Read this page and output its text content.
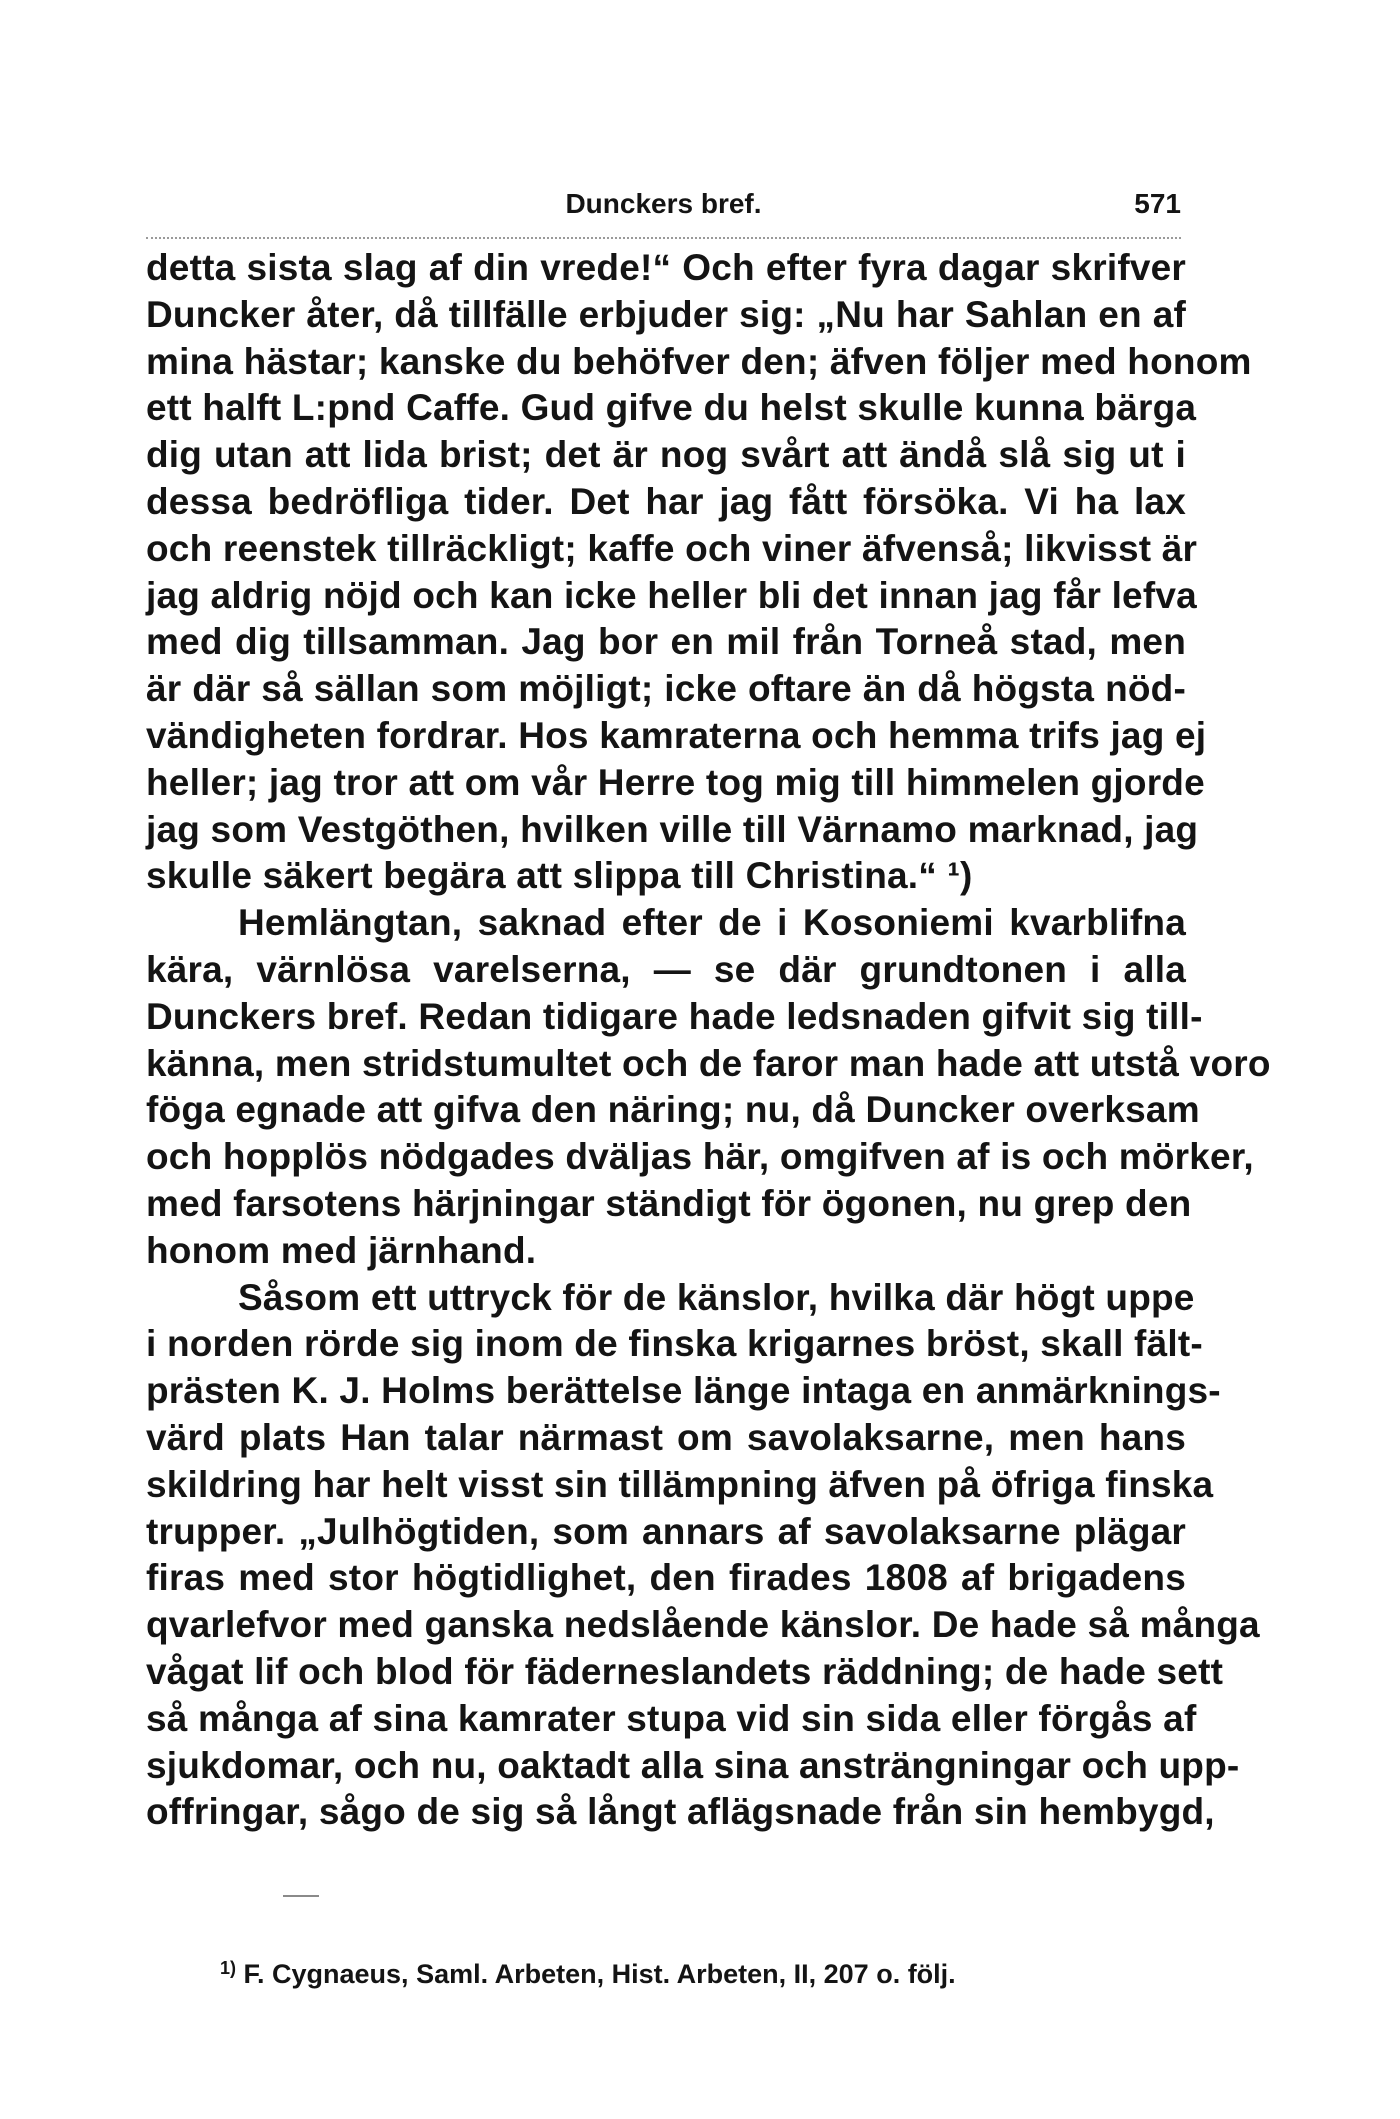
Dunckers bref.	571

detta sista slag af din vrede!“ Och efter fyra dagar skrifver
Duncker åter, då tillfälle erbjuder sig: „Nu har Sahlan en af
mina hästar; kanske du behöfver den; äfven följer med honom
ett halft L:pnd Caffe. Gud gifve du helst skulle kunna bärga
dig utan att lida brist; det är nog svårt att ändå slå sig ut i
dessa bedröfliga tider. Det har jag fått försöka. Vi ha lax
och reenstek tillräckligt; kaffe och viner äfvenså; likvisst är
jag aldrig nöjd och kan icke heller bli det innan jag får lefva
med dig tillsamman. Jag bor en mil från Torneå stad, men
är där så sällan som möjligt; icke oftare än då högsta nöd-
vändigheten fordrar. Hos kamraterna och hemma trifs jag ej
heller; jag tror att om vår Herre tog mig till himmelen gjorde
jag som Vestgöthen, hvilken ville till Värnamo marknad, jag
skulle säkert begära att slippa till Christina.“ ¹)

Hemlängtan, saknad efter de i Kosoniemi kvarblifna
kära, värnlösa varelserna, — se där grundtonen i alla
Dunckers bref. Redan tidigare hade ledsnaden gifvit sig till-
känna, men stridstumultet och de faror man hade att utstå voro
föga egnade att gifva den näring; nu, då Duncker overksam
och hopplös nödgades dväljas här, omgifven af is och mörker,
med farsotens härjningar ständigt för ögonen, nu grep den
honom med järnhand.

Såsom ett uttryck för de känslor, hvilka där högt uppe
i norden rörde sig inom de finska krigarnes bröst, skall fält-
prästen K. J. Holms berättelse länge intaga en anmärknings-
värd plats Han talar närmast om savolaksarne, men hans
skildring har helt visst sin tillämpning äfven på öfriga finska
trupper. „Julhögtiden, som annars af savolaksarne plägar
firas med stor högtidlighet, den firades 1808 af brigadens
qvarlefvor med ganska nedslående känslor. De hade så många
vågat lif och blod för fäderneslandets räddning; de hade sett
så många af sina kamrater stupa vid sin sida eller förgås af
sjukdomar, och nu, oaktadt alla sina ansträngningar och upp-
offringar, sågo de sig så långt aflägsnade från sin hembygd,

$^{1)}$ F. Cygnaeus, Saml. Arbeten, Hist. Arbeten, II, 207 o. följ.
